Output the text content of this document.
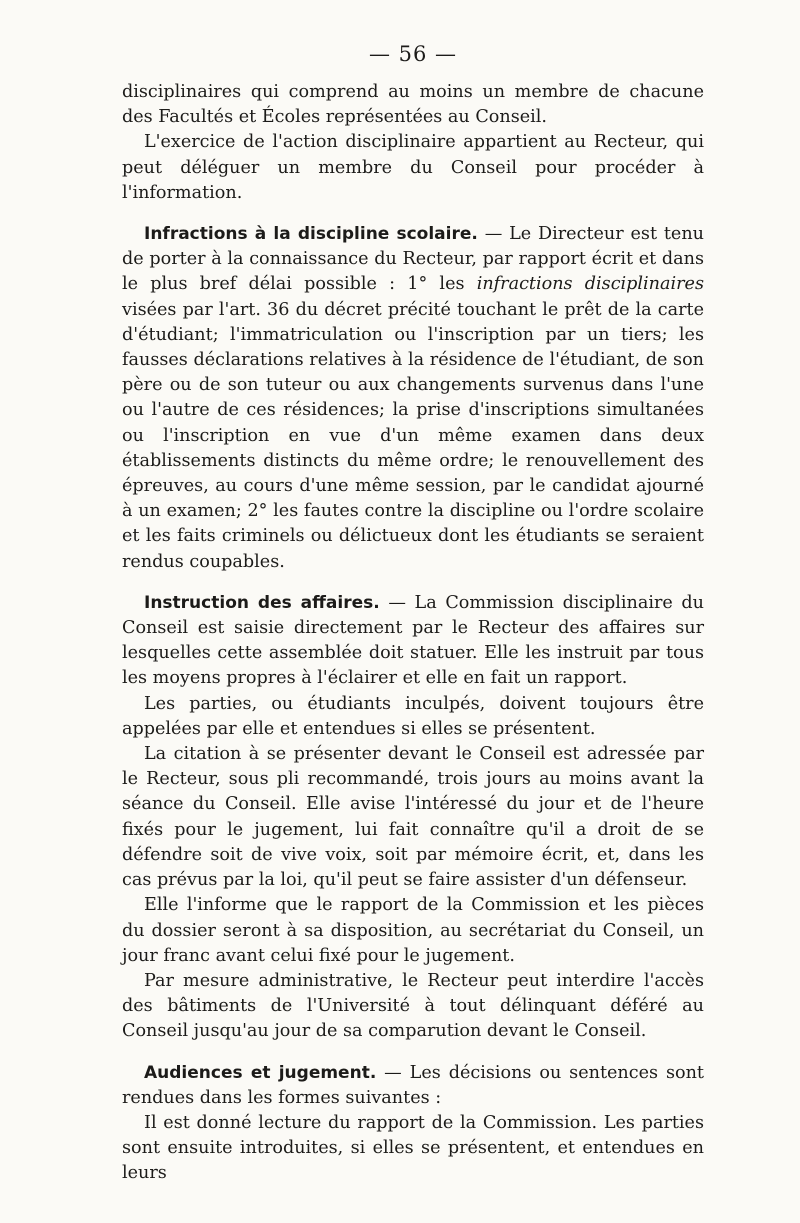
— 56 —

disciplinaires qui comprend au moins un membre de chacune des Facultés et Écoles représentées au Conseil.

L'exercice de l'action disciplinaire appartient au Recteur, qui peut déléguer un membre du Conseil pour procéder à l'information.

Infractions à la discipline scolaire. — Le Directeur est tenu de porter à la connaissance du Recteur, par rapport écrit et dans le plus bref délai possible : 1° les infractions disciplinaires visées par l'art. 36 du décret précité touchant le prêt de la carte d'étudiant; l'immatriculation ou l'inscription par un tiers; les fausses déclarations relatives à la résidence de l'étudiant, de son père ou de son tuteur ou aux changements survenus dans l'une ou l'autre de ces résidences; la prise d'inscriptions simultanées ou l'inscription en vue d'un même examen dans deux établissements distincts du même ordre; le renouvellement des épreuves, au cours d'une même session, par le candidat ajourné à un examen; 2° les fautes contre la discipline ou l'ordre scolaire et les faits criminels ou délictueux dont les étudiants se seraient rendus coupables.

Instruction des affaires. — La Commission disciplinaire du Conseil est saisie directement par le Recteur des affaires sur lesquelles cette assemblée doit statuer. Elle les instruit par tous les moyens propres à l'éclairer et elle en fait un rapport.

Les parties, ou étudiants inculpés, doivent toujours être appelées par elle et entendues si elles se présentent.

La citation à se présenter devant le Conseil est adressée par le Recteur, sous pli recommandé, trois jours au moins avant la séance du Conseil. Elle avise l'intéressé du jour et de l'heure fixés pour le jugement, lui fait connaître qu'il a droit de se défendre soit de vive voix, soit par mémoire écrit, et, dans les cas prévus par la loi, qu'il peut se faire assister d'un défenseur.

Elle l'informe que le rapport de la Commission et les pièces du dossier seront à sa disposition, au secrétariat du Conseil, un jour franc avant celui fixé pour le jugement.

Par mesure administrative, le Recteur peut interdire l'accès des bâtiments de l'Université à tout délinquant déféré au Conseil jusqu'au jour de sa comparution devant le Conseil.

Audiences et jugement. — Les décisions ou sentences sont rendues dans les formes suivantes :

Il est donné lecture du rapport de la Commission. Les parties sont ensuite introduites, si elles se présentent, et entendues en leurs
